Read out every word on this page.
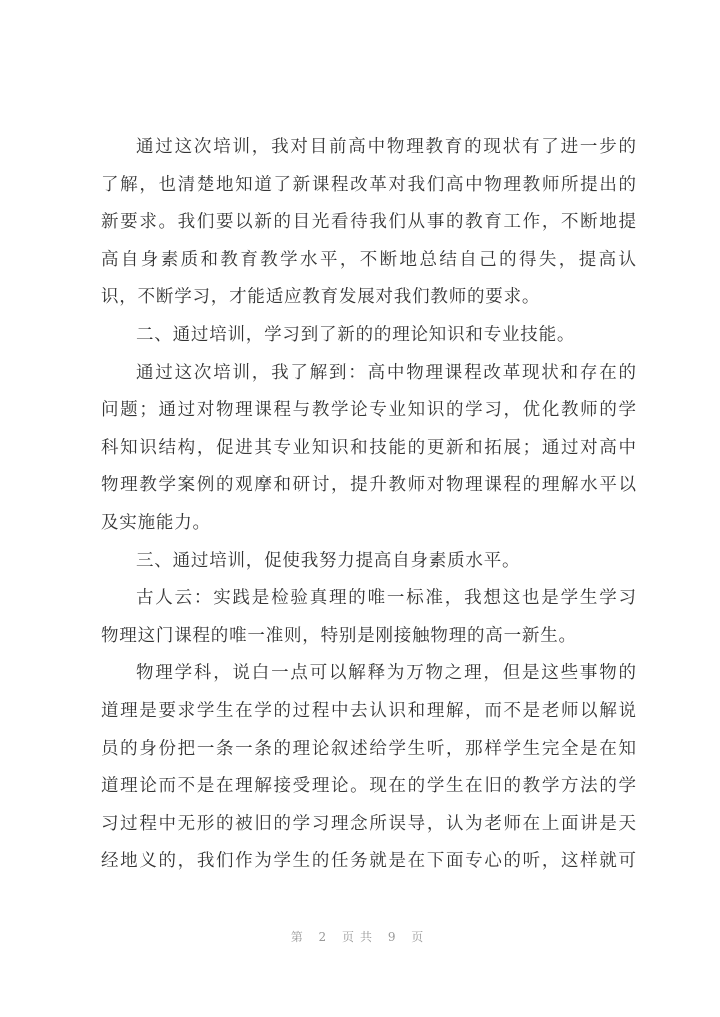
通过这次培训，我对目前高中物理教育的现状有了进一步的
了解，也清楚地知道了新课程改革对我们高中物理教师所提出的
新要求。我们要以新的目光看待我们从事的教育工作，不断地提
高自身素质和教育教学水平，不断地总结自己的得失，提高认
识，不断学习，才能适应教育发展对我们教师的要求。
二、通过培训，学习到了新的的理论知识和专业技能。
通过这次培训，我了解到：高中物理课程改革现状和存在的
问题；通过对物理课程与教学论专业知识的学习，优化教师的学
科知识结构，促进其专业知识和技能的更新和拓展；通过对高中
物理教学案例的观摩和研讨，提升教师对物理课程的理解水平以
及实施能力。
三、通过培训，促使我努力提高自身素质水平。
古人云：实践是检验真理的唯一标准，我想这也是学生学习
物理这门课程的唯一准则，特别是刚接触物理的高一新生。
物理学科，说白一点可以解释为万物之理，但是这些事物的
道理是要求学生在学的过程中去认识和理解，而不是老师以解说
员的身份把一条一条的理论叙述给学生听，那样学生完全是在知
道理论而不是在理解接受理论。现在的学生在旧的教学方法的学
习过程中无形的被旧的学习理念所误导，认为老师在上面讲是天
经地义的，我们作为学生的任务就是在下面专心的听，这样就可
第 2 页共 9 页
